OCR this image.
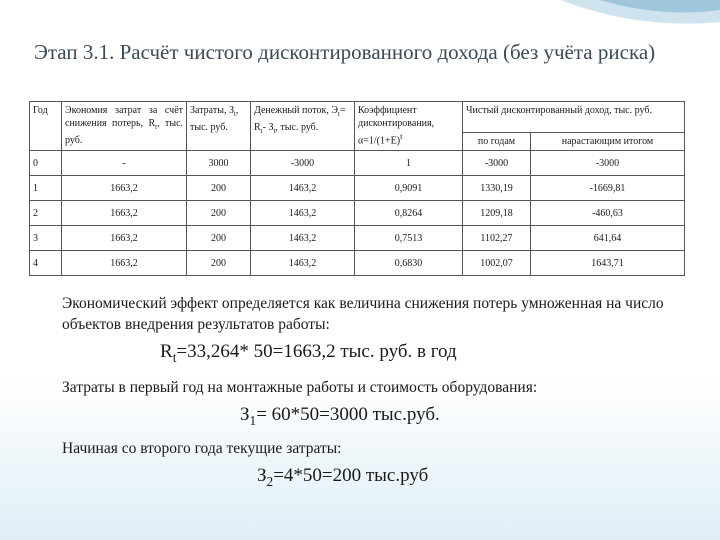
Этап 3.1. Расчёт чистого дисконтированного дохода (без учёта риска)
Год	Экономия затрат за счёт снижения потерь, $R_t$, тыс. руб.	Затраты, $З_t$, тыс. руб.	Денежный поток, $Э_t= R_t-$ $З_t$, тыс. руб.	Коэффициент дисконтирования, $\alpha=1/(1+E)^t$	Чистый дисконтированный доход, тыс. руб.	
					по годам	нарастающим итогом
0	-	3000	-3000	1	-3000	-3000
1	1663,2	200	1463,2	0,9091	1330,19	-1669,81
2	1663,2	200	1463,2	0,8264	1209,18	-460,63
3	1663,2	200	1463,2	0,7513	1102,27	641,64
4	1663,2	200	1463,2	0,6830	1002,07	1643,71

Экономический эффект определяется как величина снижения потерь умноженная на число объектов внедрения результатов работы:

$R_t=33,264*$ 50=1663,2 тыс. руб. в год

Затраты в первый год на монтажные работы и стоимость оборудования:

$З_1= 60*50=3000$ тыс.руб.

Начиная со второго года текущие затраты:

$З_2=4*50=200$ тыс.руб
